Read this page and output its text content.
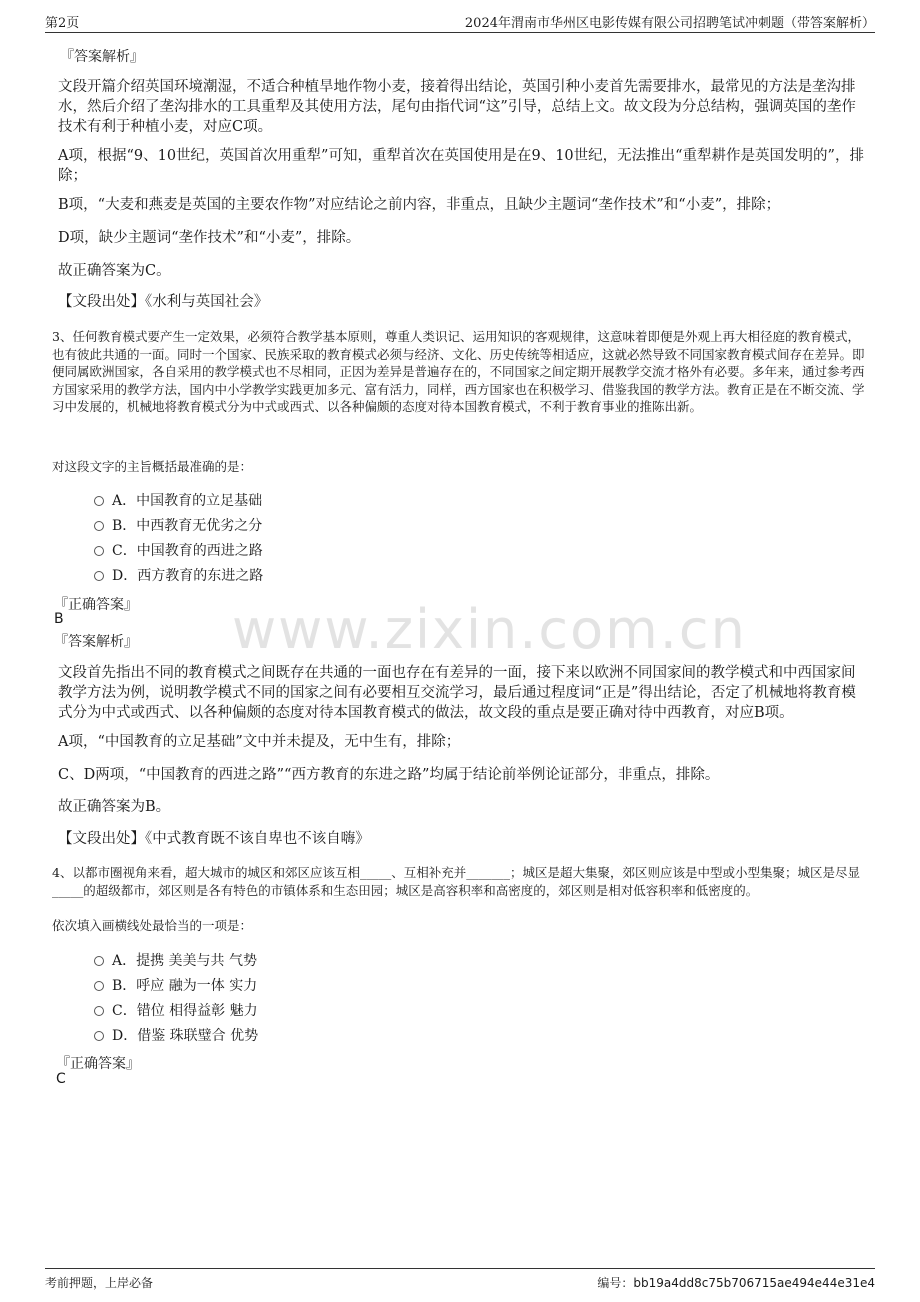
第2页	2024年渭南市华州区电影传媒有限公司招聘笔试冲刺题（带答案解析）
www.zixin.com.cn
『答案解析』
文段开篇介绍英国环境潮湿，不适合种植旱地作物小麦，接着得出结论，英国引种小麦首先需要排水，最常见的方法是垄沟排水，然后介绍了垄沟排水的工具重犁及其使用方法，尾句由指代词“这”引导，总结上文。故文段为分总结构，强调英国的垄作技术有利于种植小麦，对应C项。
A项，根据“9、10世纪，英国首次用重犁”可知，重犁首次在英国使用是在9、10世纪，无法推出“重犁耕作是英国发明的”，排除；
B项，“大麦和燕麦是英国的主要农作物”对应结论之前内容，非重点，且缺少主题词“垄作技术”和“小麦”，排除；
D项，缺少主题词“垄作技术”和“小麦”，排除。
故正确答案为C。
【文段出处】《水利与英国社会》
3、任何教育模式要产生一定效果，必须符合教学基本原则，尊重人类识记、运用知识的客观规律，这意味着即便是外观上再大相径庭的教育模式，也有彼此共通的一面。同时一个国家、民族采取的教育模式必须与经济、文化、历史传统等相适应，这就必然导致不同国家教育模式间存在差异。即便同属欧洲国家，各自采用的教学模式也不尽相同，正因为差异是普遍存在的，不同国家之间定期开展教学交流才格外有必要。多年来，通过参考西方国家采用的教学方法，国内中小学教学实践更加多元、富有活力，同样，西方国家也在积极学习、借鉴我国的教学方法。教育正是在不断交流、学习中发展的，机械地将教育模式分为中式或西式、以各种偏颇的态度对待本国教育模式，不利于教育事业的推陈出新。
对这段文字的主旨概括最准确的是：
A．中国教育的立足基础
B．中西教育无优劣之分
C．中国教育的西进之路
D．西方教育的东进之路
『正确答案』
B
『答案解析』
文段首先指出不同的教育模式之间既存在共通的一面也存在有差异的一面，接下来以欧洲不同国家间的教学模式和中西国家间教学方法为例，说明教学模式不同的国家之间有必要相互交流学习，最后通过程度词“正是”得出结论，否定了机械地将教育模式分为中式或西式、以各种偏颇的态度对待本国教育模式的做法，故文段的重点是要正确对待中西教育，对应B项。
A项，“中国教育的立足基础”文中并未提及，无中生有，排除；
C、D两项，“中国教育的西进之路”“西方教育的东进之路”均属于结论前举例论证部分，非重点，排除。
故正确答案为B。
【文段出处】《中式教育既不该自卑也不该自嗨》
4、以都市圈视角来看，超大城市的城区和郊区应该互相_____、互相补充并_______；城区是超大集聚，郊区则应该是中型或小型集聚；城区是尽显_____的超级都市，郊区则是各有特色的市镇体系和生态田园；城区是高容积率和高密度的，郊区则是相对低容积率和低密度的。
依次填入画横线处最恰当的一项是：
A．提携 美美与共 气势
B．呼应 融为一体 实力
C．错位 相得益彰 魅力
D．借鉴 珠联璧合 优势
『正确答案』
C
考前押题，上岸必备	编号：bb19a4dd8c75b706715ae494e44e31e4
